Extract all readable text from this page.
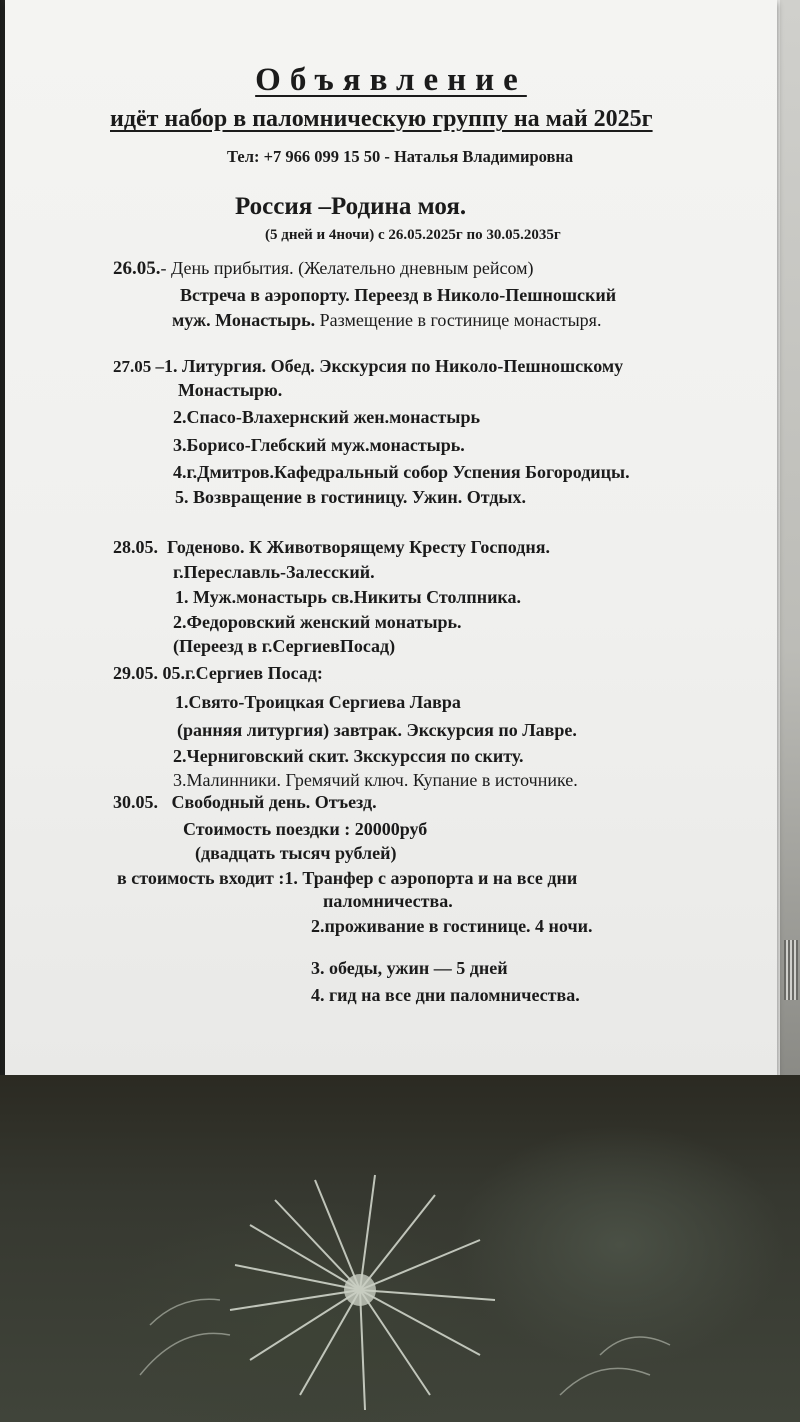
Объявление
идёт набор в паломническую группу на май 2025г
Тел: +7 966 099 15 50 - Наталья Владимировна
Россия –Родина моя.
(5 дней и 4ночи) с 26.05.2025г по 30.05.2035г
26.05.- День прибытия. (Желательно дневным рейсом)
Встреча в аэропорту. Переезд в Николо-Пешношский
муж. Монастырь. Размещение в гостинице монастыря.
27.05 –1. Литургия. Обед. Экскурсия по Николо-Пешношскому
Монастырю.
2.Спасо-Влахернский жен.монастырь
3.Борисо-Глебский муж.монастырь.
4.г.Дмитров.Кафедральный собор Успения Богородицы.
5. Возвращение в гостиницу. Ужин. Отдых.
28.05. Годеново. К Животворящему Кресту Господня.
г.Переславль-Залесский.
1. Муж.монастырь св.Никиты Столпника.
2.Федоровский женский монатырь.
(Переезд в г.СергиевПосад)
29.05. 05.г.Сергиев Посад:
1.Свято-Троицкая Сергиева Лавра
(ранняя литургия) завтрак. Экскурсия по Лавре.
2.Черниговский скит. Зкскурссия по скиту.
3.Малинники. Гремячий ключ. Купание в источнике.
30.05. Свободный день. Отъезд.
Стоимость поездки : 20000руб
(двадцать тысяч рублей)
в стоимость входит :1. Транфер с аэропорта и на все дни
паломничества.
2.проживание в гостинице. 4 ночи.
3. обеды, ужин — 5 дней
4. гид на все дни паломничества.
